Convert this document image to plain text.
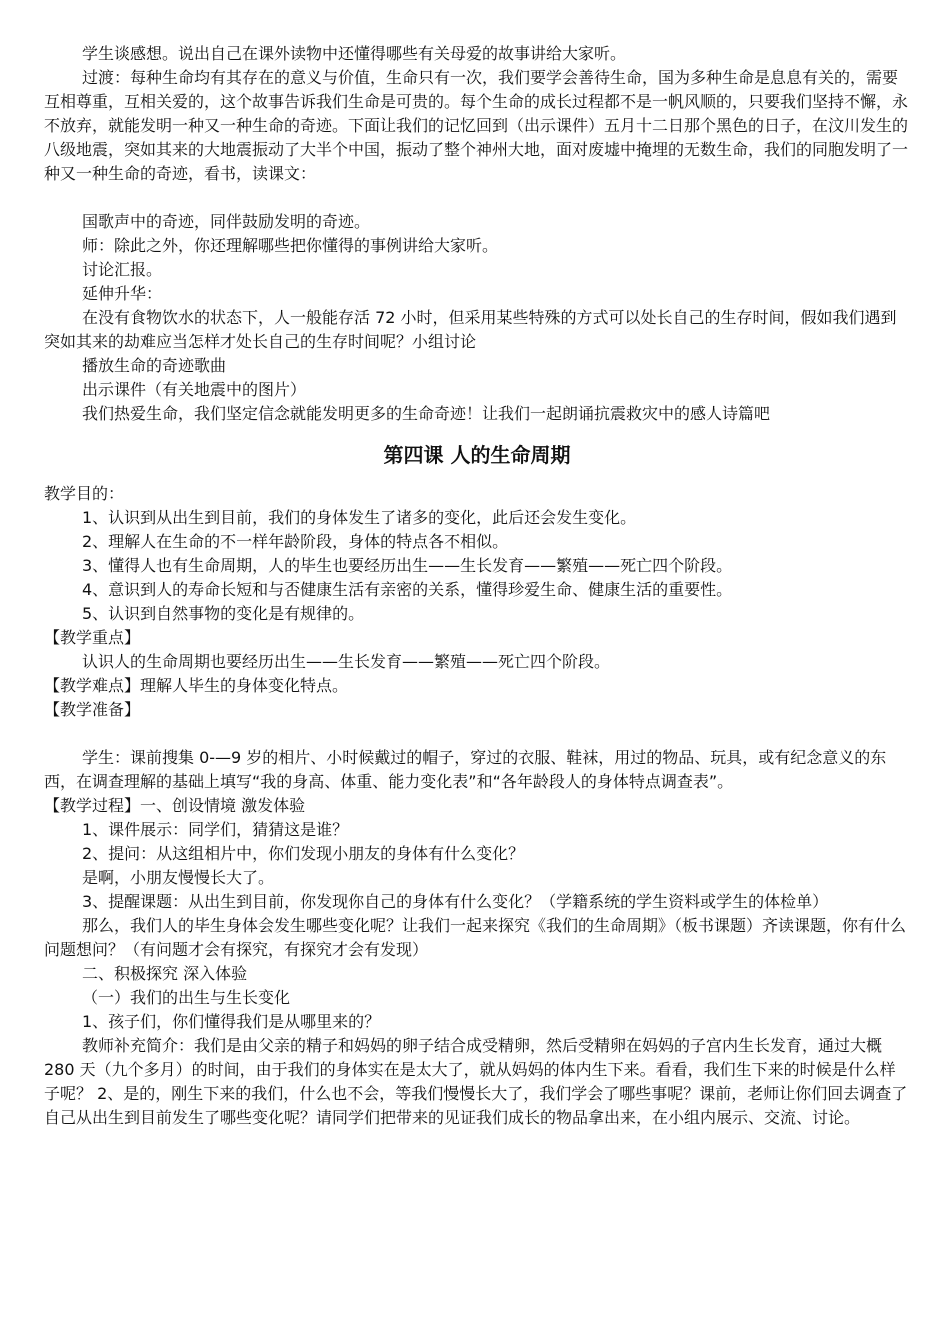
学生谈感想。说出自己在课外读物中还懂得哪些有关母爱的故事讲给大家听。

过渡：每种生命均有其存在的意义与价值，生命只有一次，我们要学会善待生命，国为多种生命是息息有关的，需要互相尊重，互相关爱的，这个故事告诉我们生命是可贵的。每个生命的成长过程都不是一帆风顺的，只要我们坚持不懈，永不放弃，就能发明一种又一种生命的奇迹。下面让我们的记忆回到（出示课件）五月十二日那个黑色的日子，在汶川发生的八级地震，突如其来的大地震振动了大半个中国，振动了整个神州大地，面对废墟中掩埋的无数生命，我们的同胞发明了一种又一种生命的奇迹，看书，读课文：

国歌声中的奇迹，同伴鼓励发明的奇迹。

师：除此之外，你还理解哪些把你懂得的事例讲给大家听。

讨论汇报。

延伸升华：

在没有食物饮水的状态下，人一般能存活 72 小时，但采用某些特殊的方式可以处长自己的生存时间，假如我们遇到突如其来的劫难应当怎样才处长自己的生存时间呢？小组讨论

播放生命的奇迹歌曲

出示课件（有关地震中的图片）

我们热爱生命，我们坚定信念就能发明更多的生命奇迹！让我们一起朗诵抗震救灾中的感人诗篇吧

第四课 人的生命周期

教学目的：

1、认识到从出生到目前，我们的身体发生了诸多的变化，此后还会发生变化。

2、理解人在生命的不一样年龄阶段，身体的特点各不相似。

3、懂得人也有生命周期，人的毕生也要经历出生——生长发育——繁殖——死亡四个阶段。

4、意识到人的寿命长短和与否健康生活有亲密的关系，懂得珍爱生命、健康生活的重要性。

5、认识到自然事物的变化是有规律的。

【教学重点】

认识人的生命周期也要经历出生——生长发育——繁殖——死亡四个阶段。

【教学难点】理解人毕生的身体变化特点。

【教学准备】

学生：课前搜集 0-—9 岁的相片、小时候戴过的帽子，穿过的衣服、鞋袜，用过的物品、玩具，或有纪念意义的东西，在调查理解的基础上填写“我的身高、体重、能力变化表”和“各年龄段人的身体特点调查表”。

【教学过程】一、创设情境 激发体验

1、课件展示：同学们，猜猜这是谁？

2、提问：从这组相片中，你们发现小朋友的身体有什么变化？

是啊，小朋友慢慢长大了。

3、提醒课题：从出生到目前，你发现你自己的身体有什么变化？（学籍系统的学生资料或学生的体检单）

那么，我们人的毕生身体会发生哪些变化呢？让我们一起来探究《我们的生命周期》（板书课题）齐读课题，你有什么问题想问？（有问题才会有探究，有探究才会有发现）

二、积极探究 深入体验

（一）我们的出生与生长变化

1、孩子们，你们懂得我们是从哪里来的？

教师补充简介：我们是由父亲的精子和妈妈的卵子结合成受精卵，然后受精卵在妈妈的子宫内生长发育，通过大概 280 天（九个多月）的时间，由于我们的身体实在是太大了，就从妈妈的体内生下来。看看，我们生下来的时候是什么样子呢？ 2、是的，刚生下来的我们，什么也不会，等我们慢慢长大了，我们学会了哪些事呢？课前，老师让你们回去调查了自己从出生到目前发生了哪些变化呢？请同学们把带来的见证我们成长的物品拿出来，在小组内展示、交流、讨论。
